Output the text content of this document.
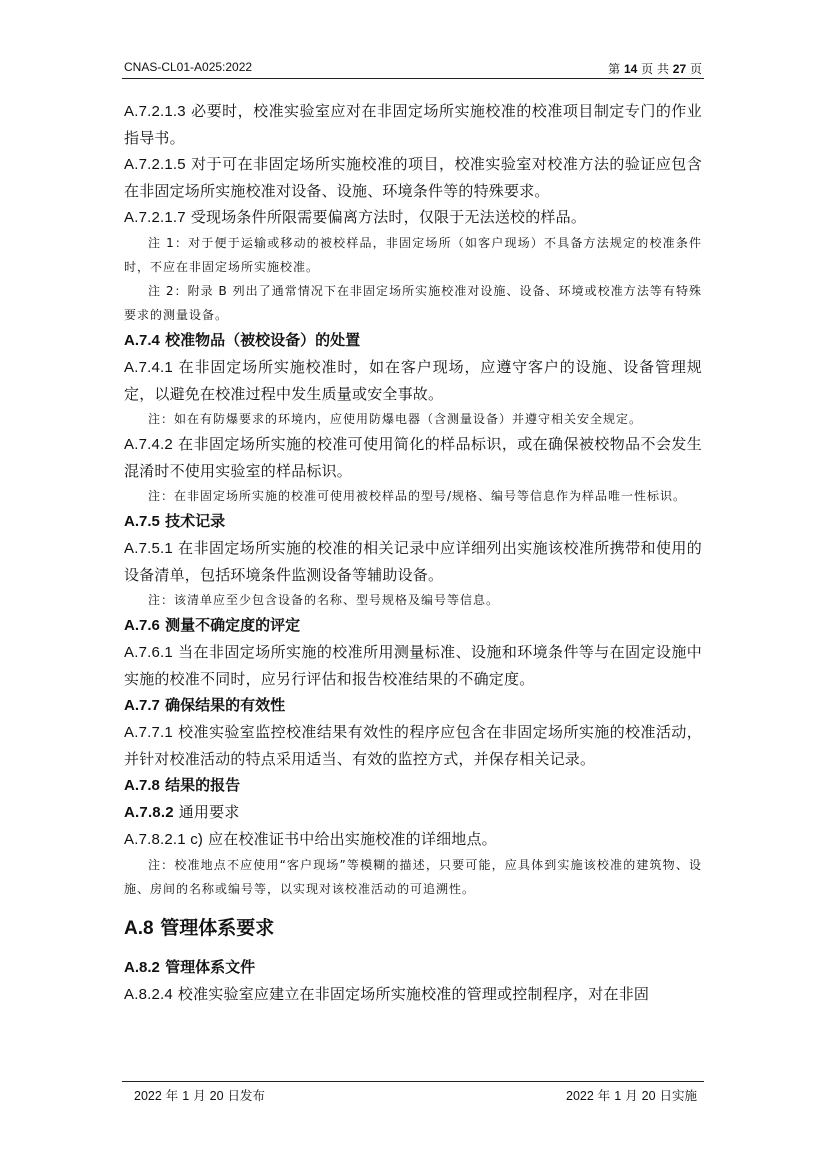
CNAS-CL01-A025:2022	第 14 页 共 27 页

A.7.2.1.3 必要时，校准实验室应对在非固定场所实施校准的校准项目制定专门的作业指导书。

A.7.2.1.5 对于可在非固定场所实施校准的项目，校准实验室对校准方法的验证应包含在非固定场所实施校准对设备、设施、环境条件等的特殊要求。

A.7.2.1.7 受现场条件所限需要偏离方法时，仅限于无法送校的样品。

注 1：对于便于运输或移动的被校样品，非固定场所（如客户现场）不具备方法规定的校准条件时，不应在非固定场所实施校准。

注 2：附录 B 列出了通常情况下在非固定场所实施校准对设施、设备、环境或校准方法等有特殊要求的测量设备。

A.7.4 校准物品（被校设备）的处置

A.7.4.1 在非固定场所实施校准时，如在客户现场，应遵守客户的设施、设备管理规定，以避免在校准过程中发生质量或安全事故。

注：如在有防爆要求的环境内，应使用防爆电器（含测量设备）并遵守相关安全规定。

A.7.4.2 在非固定场所实施的校准可使用简化的样品标识，或在确保被校物品不会发生混淆时不使用实验室的样品标识。

注：在非固定场所实施的校准可使用被校样品的型号/规格、编号等信息作为样品唯一性标识。

A.7.5 技术记录

A.7.5.1 在非固定场所实施的校准的相关记录中应详细列出实施该校准所携带和使用的设备清单，包括环境条件监测设备等辅助设备。

注：该清单应至少包含设备的名称、型号规格及编号等信息。

A.7.6 测量不确定度的评定

A.7.6.1 当在非固定场所实施的校准所用测量标准、设施和环境条件等与在固定设施中实施的校准不同时，应另行评估和报告校准结果的不确定度。

A.7.7 确保结果的有效性

A.7.7.1 校准实验室监控校准结果有效性的程序应包含在非固定场所实施的校准活动，并针对校准活动的特点采用适当、有效的监控方式，并保存相关记录。

A.7.8 结果的报告

A.7.8.2 通用要求

A.7.8.2.1 c) 应在校准证书中给出实施校准的详细地点。

注：校准地点不应使用“客户现场”等模糊的描述，只要可能，应具体到实施该校准的建筑物、设施、房间的名称或编号等，以实现对该校准活动的可追溯性。

A.8 管理体系要求

A.8.2 管理体系文件

A.8.2.4 校准实验室应建立在非固定场所实施校准的管理或控制程序，对在非固

2022 年 1 月 20 日发布	2022 年 1 月 20 日实施
